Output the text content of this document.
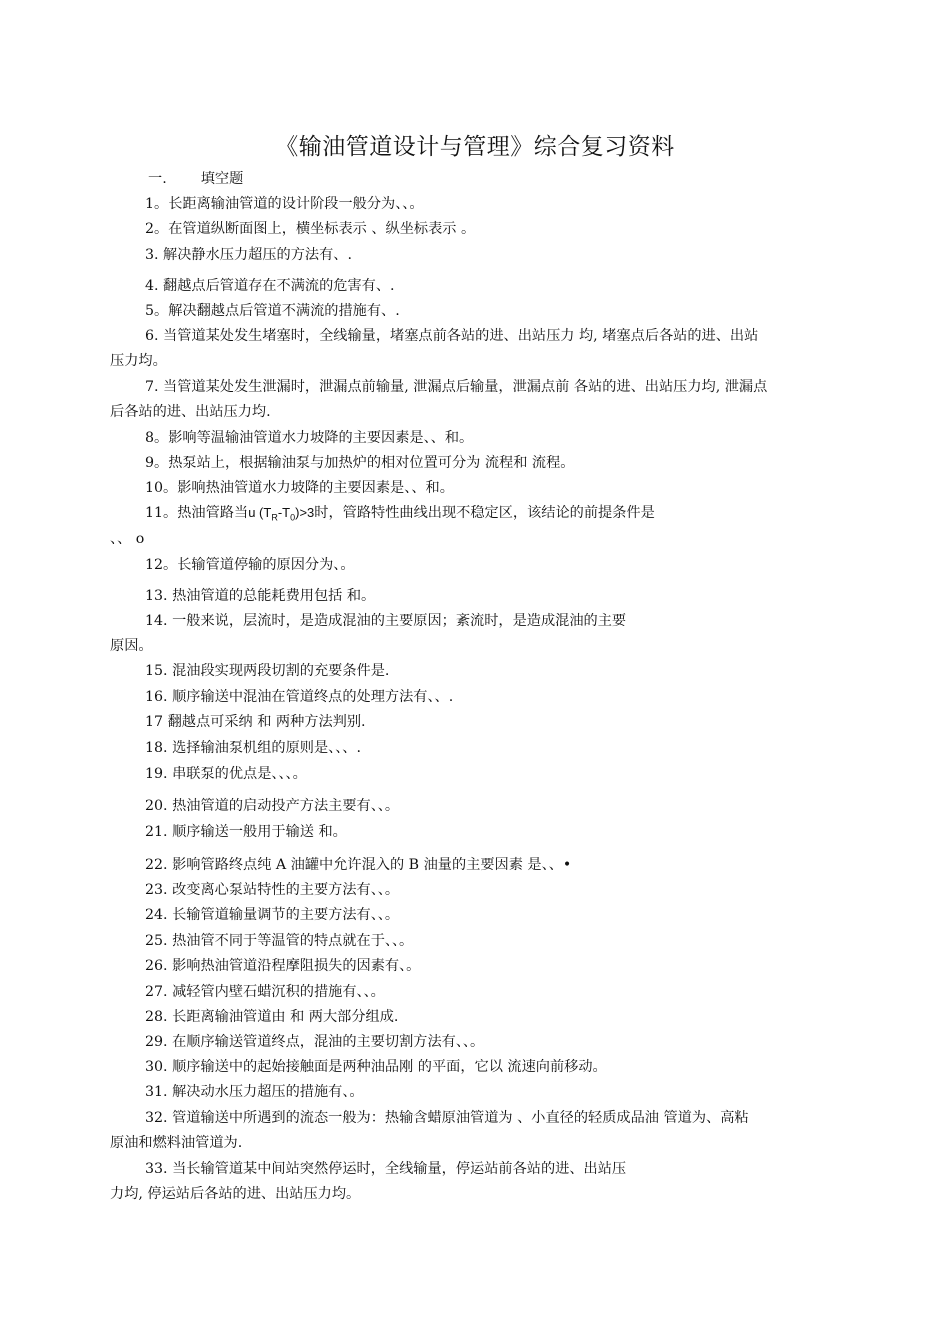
《输油管道设计与管理》综合复习资料
一. 填空题
1。长距离输油管道的设计阶段一般分为、、。
2。在管道纵断面图上，横坐标表示 、纵坐标表示 。
3. 解决静水压力超压的方法有、.
4. 翻越点后管道存在不满流的危害有、.
5。解决翻越点后管道不满流的措施有、.
6. 当管道某处发生堵塞时，全线输量，堵塞点前各站的进、出站压力 均, 堵塞点后各站的进、出站
压力均。
7. 当管道某处发生泄漏时，泄漏点前输量, 泄漏点后输量，泄漏点前 各站的进、出站压力均, 泄漏点
后各站的进、出站压力均.
8。影响等温输油管道水力坡降的主要因素是、、和。
9。热泵站上，根据输油泵与加热炉的相对位置可分为 流程和 流程。
10。影响热油管道水力坡降的主要因素是、、和。
11。热油管路当u $(T_R-T_0)>3$时，管路特性曲线出现不稳定区，该结论的前提条件是
、、 o
12。长输管道停输的原因分为、。
13. 热油管道的总能耗费用包括 和。
14. 一般来说，层流时，是造成混油的主要原因；紊流时，是造成混油的主要
原因。
15. 混油段实现两段切割的充要条件是.
16. 顺序输送中混油在管道终点的处理方法有、、.
17 翻越点可采纳 和 两种方法判别.
18. 选择输油泵机组的原则是、、、.
19. 串联泵的优点是、、、。
20. 热油管道的启动投产方法主要有、、。
21. 顺序输送一般用于输送 和。
22. 影响管路终点纯 A 油罐中允许混入的 B 油量的主要因素 是、、•
23. 改变离心泵站特性的主要方法有、、。
24. 长输管道输量调节的主要方法有、、。
25. 热油管不同于等温管的特点就在于、、。
26. 影响热油管道沿程摩阻损失的因素有、。
27. 减轻管内壁石蜡沉积的措施有、、。
28. 长距离输油管道由 和 两大部分组成.
29. 在顺序输送管道终点，混油的主要切割方法有、、。
30. 顺序输送中的起始接触面是两种油品刚 的平面，它以 流速向前移动。
31. 解决动水压力超压的措施有、。
32. 管道输送中所遇到的流态一般为：热输含蜡原油管道为 、小直径的轻质成品油 管道为、高粘
原油和燃料油管道为.
33. 当长输管道某中间站突然停运时，全线输量，停运站前各站的进、出站压
力均, 停运站后各站的进、出站压力均。
